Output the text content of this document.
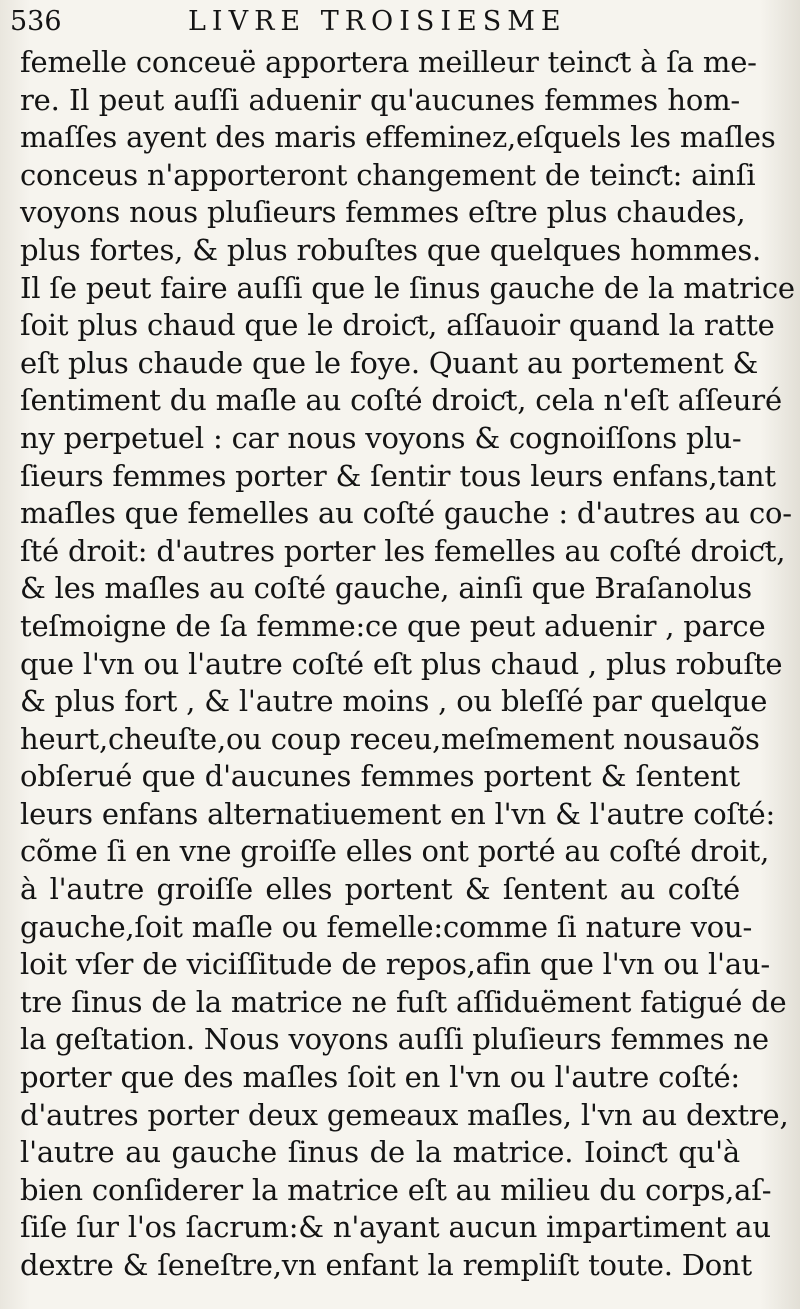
536	LIVRE TROISIESME
femelle conceuë apportera meilleur teinƈt à ſa me-
re. Il peut auſſi aduenir qu'aucunes femmes hom-
maſſes ayent des maris effeminez,eſquels les maſles
conceus n'apporteront changement de teinƈt: ainſi
voyons nous pluſieurs femmes eſtre plus chaudes,
plus fortes, & plus robuſtes que quelques hommes.
Il ſe peut faire auſſi que le ſinus gauche de la matrice
ſoit plus chaud que le droiƈt, aſſauoir quand la ratte
eſt plus chaude que le foye. Quant au portement &
ſentiment du maſle au coſté droiƈt, cela n'eſt aſſeuré
ny perpetuel : car nous voyons & cognoiſſons plu-
ſieurs femmes porter & ſentir tous leurs enfans,tant
maſles que femelles au coſté gauche : d'autres au co-
ſté droit: d'autres porter les femelles au coſté droiƈt,
& les maſles au coſté gauche, ainſi que Braſanolus
teſmoigne de ſa femme:ce que peut aduenir , parce
que l'vn ou l'autre coſté eſt plus chaud , plus robuſte
& plus fort , & l'autre moins , ou bleſſé par quelque
heurt,cheuſte,ou coup receu,meſmement nousauõs
obſerué que d'aucunes femmes portent & ſentent
leurs enfans alternatiuement en l'vn & l'autre coſté:
cõme ſi en vne groiſſe elles ont porté au coſté droit,
à l'autre groiſſe elles portent & ſentent au coſté
gauche,ſoit maſle ou femelle:comme ſi nature vou-
loit vſer de viciſſitude de repos,afin que l'vn ou l'au-
tre ſinus de la matrice ne fuſt aſſiduëment fatigué de
la geſtation. Nous voyons auſſi pluſieurs femmes ne
porter que des maſles ſoit en l'vn ou l'autre coſté:
d'autres porter deux gemeaux maſles, l'vn au dextre,
l'autre au gauche ſinus de la matrice. Ioinƈt qu'à
bien conſiderer la matrice eſt au milieu du corps,aſ-
ſiſe ſur l'os ſacrum:& n'ayant aucun impartiment au
dextre & ſeneſtre,vn enfant la rempliſt toute. Dont
